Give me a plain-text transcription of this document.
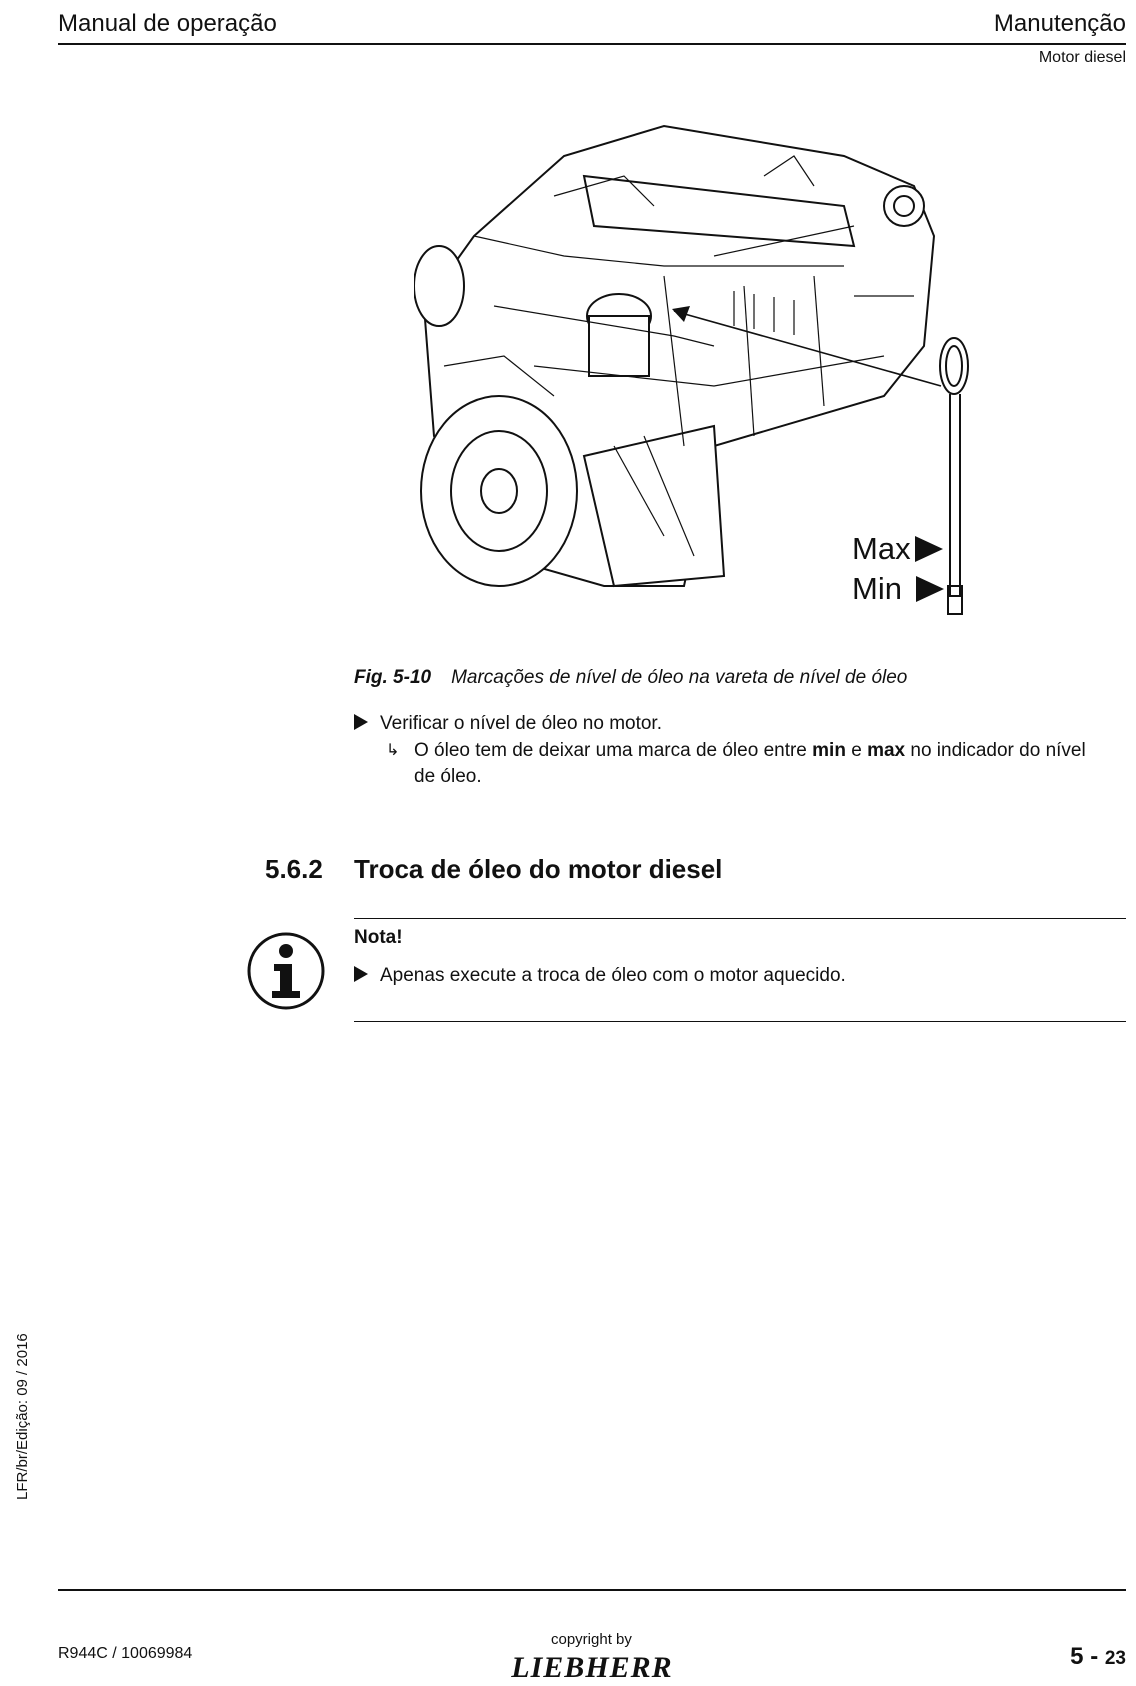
Manual de operação	Manutenção
Motor diesel
Max
Min
Fig. 5-10 Marcações de nível de óleo na vareta de nível de óleo
Verificar o nível de óleo no motor.
↳ O óleo tem de deixar uma marca de óleo entre min e max no indicador do nível de óleo.
5.6.2 Troca de óleo do motor diesel
Nota!
Apenas execute a troca de óleo com o motor aquecido.
LFR/br/Edição: 09 / 2016
R944C / 10069984
copyright by
LIEBHERR	5 - 23
